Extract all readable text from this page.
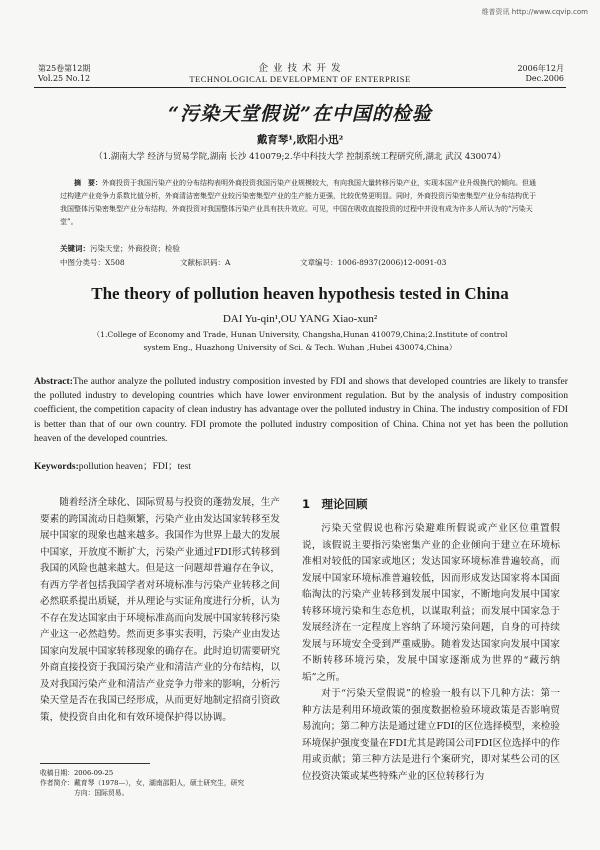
维普资讯 http://www.cqvip.com
第25卷第12期
Vol.25 No.12
企 业 技 术 开 发
TECHNOLOGICAL DEVELOPMENT OF ENTERPRISE
2006年12月
Dec.2006
“污染天堂假说”在中国的检验
戴育琴¹,欧阳小迅²
（1.湖南大学 经济与贸易学院,湖南 长沙 410079;2.华中科技大学 控制系统工程研究所,湖北 武汉 430074）

摘　要：外商投资于我国污染产业的分布结构表明外商投资我国污染产业规模较大，有向我国大量转移污染产业，实现本国产业升级换代的倾向。但通过构建产业竞争力系数比值分析，外商清洁密集型产业较污染密集型产业的生产能力更强，比较优势更明显。同时，外商投资污染密集型产业分布结构优于我国整体污染密集型产业分布结构，外商投资对我国整体污染产业具有扶升效应。可见，中国在吸收直接投资的过程中并没有成为许多人所认为的“污染天堂”。

关键词：污染天堂；外商投资；检验
中图分类号：X508	文献标识码：A	文章编号：1006-8937(2006)12-0091-03
The theory of pollution heaven hypothesis tested in China
DAI Yu-qin¹,OU YANG Xiao-xun²
（1.College of Economy and Trade, Hunan University, Changsha,Hunan 410079,China;2.Institute of control
system Eng., Huazhong University of Sci. & Tech. Wuhan ,Hubei 430074,China）
Abstract:The author analyze the polluted industry composition invested by FDI and shows that developed countries are likely to transfer the polluted industry to developing countries which have lower environment regulation. But by the analysis of industry composition coefficient, the competition capacity of clean industry has advantage over the polluted industry in China. The industry composition of FDI is better than that of our own country. FDI promote the polluted industry composition of China. China not yet has been the pollution heaven of the developed countries.
Keywords:pollution heaven；FDI；test

随着经济全球化、国际贸易与投资的蓬勃发展，生产要素的跨国流动日趋频繁，污染产业由发达国家转移至发展中国家的现象也越来越多。我国作为世界上最大的发展中国家，开放度不断扩大，污染产业通过FDI形式转移到我国的风险也越来越大。但是这一问题却普遍存在争议，有西方学者包括我国学者对环境标准与污染产业转移之间必然联系提出质疑，并从理论与实证角度进行分析，认为不存在发达国家由于环境标准高而向发展中国家转移污染产业这一必然趋势。然而更多事实表明，污染产业由发达国家向发展中国家转移现象的确存在。此时迫切需要研究外商直接投资于我国污染产业和清洁产业的分布结构，以及对我国污染产业和清洁产业竞争力带来的影响，分析污染天堂是否在我国已经形成，从而更好地制定招商引资政策，使投资自由化和有效环境保护得以协调。

收稿日期：2006-09-25
作者简介：戴育琴（1978—），女，湖南邵阳人，硕士研究生，研究
方向：国际贸易。
1　理论回顾

污染天堂假说也称污染避难所假说或产业区位重置假说，该假说主要指污染密集产业的企业倾向于建立在环境标准相对较低的国家或地区；发达国家环境标准普遍较高，而发展中国家环境标准普遍较低，因而形成发达国家将本国面临淘汰的污染产业转移到发展中国家，不断地向发展中国家转移环境污染和生态危机，以谋取利益；而发展中国家急于发展经济在一定程度上容纳了环境污染问题，自身的可持续发展与环境安全受到严重威胁。随着发达国家向发展中国家不断转移环境污染，发展中国家逐渐成为世界的“藏污纳垢”之所。

对于“污染天堂假说”的检验一般有以下几种方法：第一种方法是利用环境政策的强度数据检验环境政策是否影响贸易流向；第二种方法是通过建立FDI的区位选择模型，来检验环境保护强度变量在FDI尤其是跨国公司FDI区位选择中的作用或贡献；第三种方法是进行个案研究，即对某些公司的区位投资决策或某些特殊产业的区位转移行为
